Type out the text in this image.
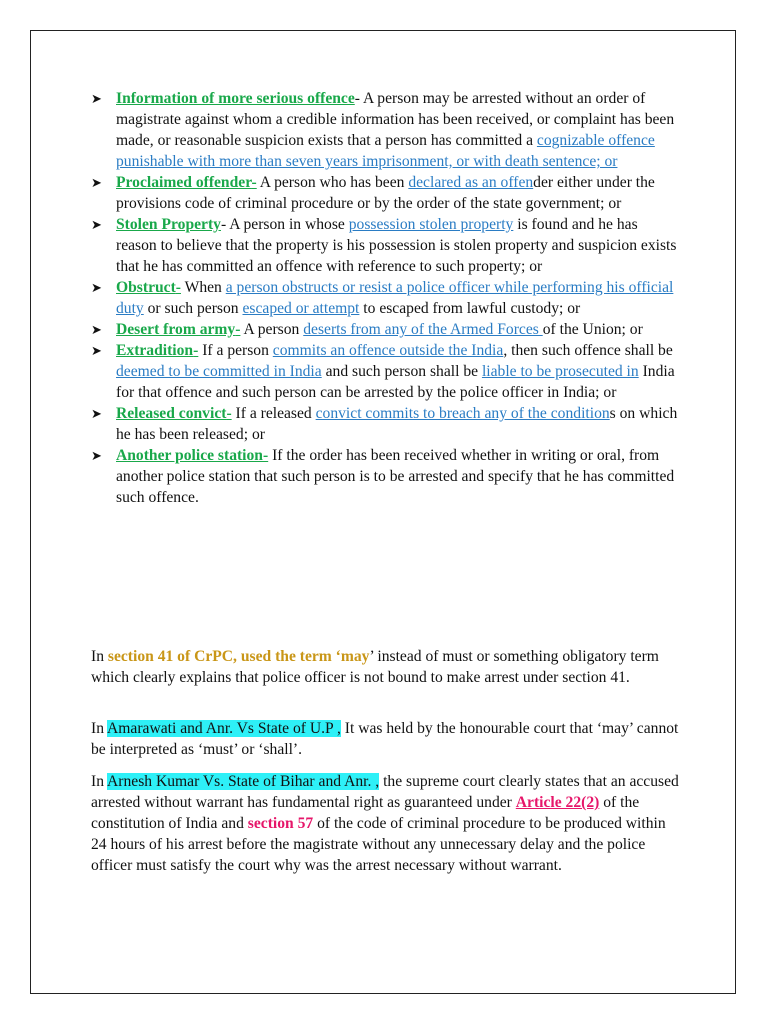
➤ Information of more serious offence- A person may be arrested without an order of magistrate against whom a credible information has been received, or complaint has been made, or reasonable suspicion exists that a person has committed a cognizable offence punishable with more than seven years imprisonment, or with death sentence; or
➤ Proclaimed offender- A person who has been declared as an offender either under the provisions code of criminal procedure or by the order of the state government; or
➤ Stolen Property- A person in whose possession stolen property is found and he has reason to believe that the property is his possession is stolen property and suspicion exists that he has committed an offence with reference to such property; or
➤ Obstruct- When a person obstructs or resist a police officer while performing his official duty or such person escaped or attempt to escaped from lawful custody; or
➤ Desert from army- A person deserts from any of the Armed Forces of the Union; or
➤ Extradition- If a person commits an offence outside the India, then such offence shall be deemed to be committed in India and such person shall be liable to be prosecuted in India for that offence and such person can be arrested by the police officer in India; or
➤ Released convict- If a released convict commits to breach any of the conditions on which he has been released; or
➤ Another police station- If the order has been received whether in writing or oral, from another police station that such person is to be arrested and specify that he has committed such offence.

In section 41 of CrPC, used the term ‘may’ instead of must or something obligatory term which clearly explains that police officer is not bound to make arrest under section 41.

In Amarawati and Anr. Vs State of U.P , It was held by the honourable court that ‘may’ cannot be interpreted as ‘must’ or ‘shall’.

In Arnesh Kumar Vs. State of Bihar and Anr. , the supreme court clearly states that an accused arrested without warrant has fundamental right as guaranteed under Article 22(2) of the constitution of India and section 57 of the code of criminal procedure to be produced within 24 hours of his arrest before the magistrate without any unnecessary delay and the police officer must satisfy the court why was the arrest necessary without warrant.
